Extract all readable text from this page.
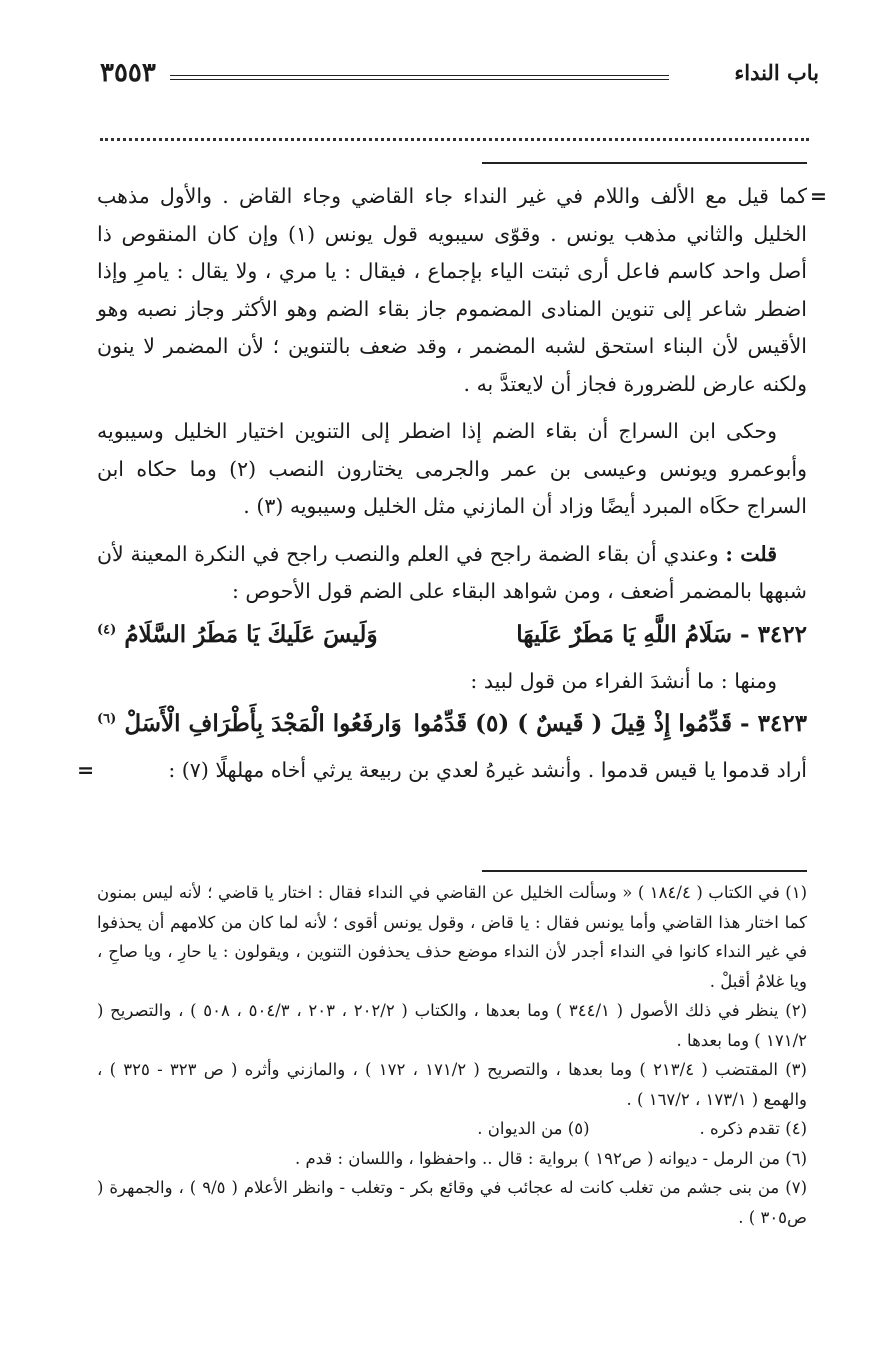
باب النداء
٣٥٥٣

=
كما قيل مع الألف واللام في غير النداء جاء القاضي وجاء القاض . والأول مذهب الخليل والثاني مذهب يونس . وقوّى سيبويه قول يونس (١) وإن كان المنقوص ذا أصل واحد كاسم فاعل أرى ثبتت الياء بإجماع ، فيقال : يا مري ، ولا يقال : يامرِ وإذا اضطر شاعر إلى تنوين المنادى المضموم جاز بقاء الضم وهو الأكثر وجاز نصبه وهو الأقيس لأن البناء استحق لشبه المضمر ، وقد ضعف بالتنوين ؛ لأن المضمر لا ينون ولكنه عارض للضرورة فجاز أن لايعتدَّ به .

وحكى ابن السراج أن بقاء الضم إذا اضطر إلى التنوين اختيار الخليل وسيبويه وأبوعمرو ويونس وعيسى بن عمر والجرمى يختارون النصب (٢) وما حكاه ابن السراج حكَاه المبرد أيضًا وزاد أن المازني مثل الخليل وسيبويه (٣) .

قلت : وعندي أن بقاء الضمة راجح في العلم والنصب راجح في النكرة المعينة لأن شبهها بالمضمر أضعف ، ومن شواهد البقاء على الضم قول الأحوص :

٣٤٢٢ - سَلَامُ اللَّهِ يَا مَطَرٌ عَلَيهَا
وَلَيسَ عَلَيكَ يَا مَطَرُ السَّلَامُ $^{(٤)}$

ومنها : ما أنشدَ الفراء من قول لبيد :

٣٤٢٣ - قَدِّمُوا إِذْ قِيلَ ( قَيسٌ ) (٥) قَدِّمُوا
وَارفَعُوا الْمَجْدَ بِأَطْرَافِ الْأَسَلْ $^{(٦)}$

أراد قدموا يا قيس قدموا . وأنشد غيرهُ لعدي بن ربيعة يرثي أخاه مهلهلًا (٧) :
=

(١) في الكتاب ( ١٨٤/٤ ) « وسألت الخليل عن القاضي في النداء فقال : اختار يا قاضي ؛ لأنه ليس بمنون كما اختار هذا القاضي وأما يونس فقال : يا قاض ، وقول يونس أقوى ؛ لأنه لما كان من كلامهم أن يحذفوا في غير النداء كانوا في النداء أجدر لأن النداء موضع حذف يحذفون التنوين ، ويقولون : يا حارِ ، ويا صاحِ ، ويا غلامُ أقبلْ .

(٢) ينظر في ذلك الأصول ( ٣٤٤/١ ) وما بعدها ، والكتاب ( ٢٠٢/٢ ، ٢٠٣ ، ٥٠٤/٣ ، ٥٠٨ ) ، والتصريح ( ١٧١/٢ ) وما بعدها .

(٣) المقتضب ( ٢١٣/٤ ) وما بعدها ، والتصريح ( ١٧١/٢ ، ١٧٢ ) ، والمازني وأثره ( ص ٣٢٣ - ٣٢٥ ) ، والهمع ( ١٧٣/١ ، ١٦٧/٢ ) .

(٤) تقدم ذكره .
(٥) من الديوان .

(٦) من الرمل - ديوانه ( ص١٩٢ ) برواية : قال .. واحفظوا ، واللسان : قدم .

(٧) من بنى جشم من تغلب كانت له عجائب في وقائع بكر - وتغلب - وانظر الأعلام ( ٩/٥ ) ، والجمهرة ( ص٣٠٥ ) .
